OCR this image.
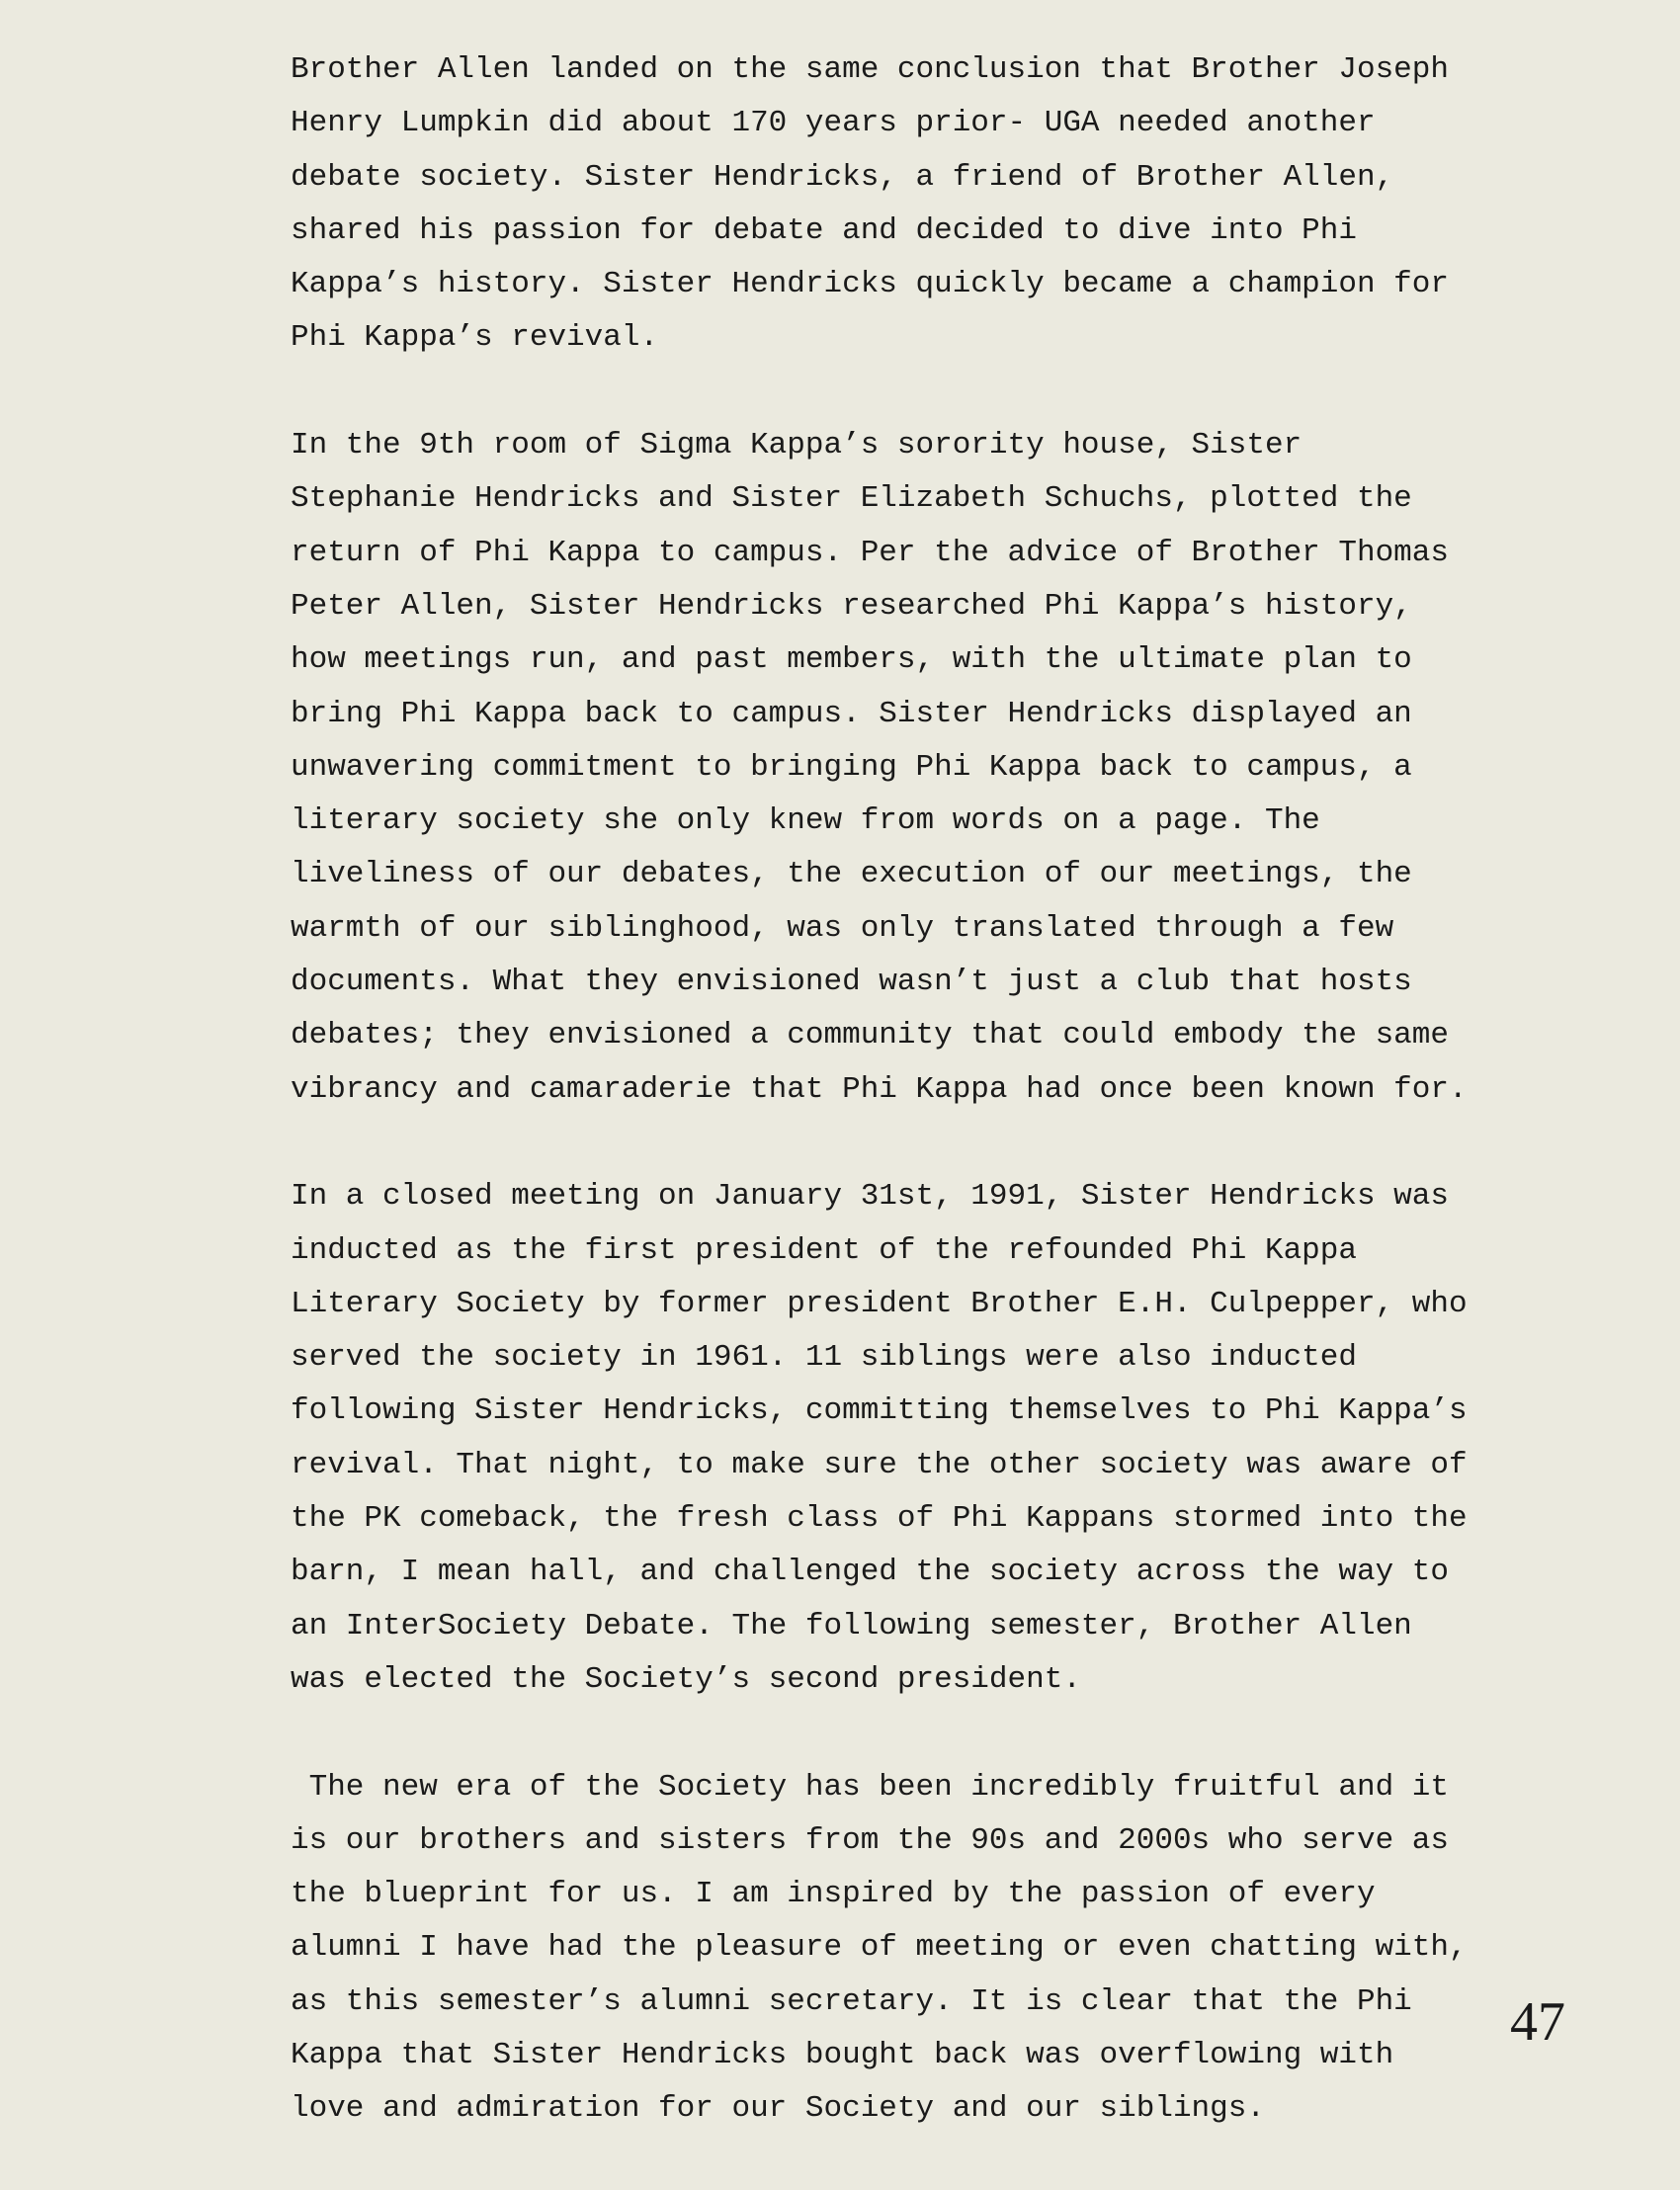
Brother Allen landed on the same conclusion that Brother Joseph
Henry Lumpkin did about 170 years prior- UGA needed another
debate society. Sister Hendricks, a friend of Brother Allen,
shared his passion for debate and decided to dive into Phi
Kappa’s history. Sister Hendricks quickly became a champion for
Phi Kappa’s revival.

In the 9th room of Sigma Kappa’s sorority house, Sister
Stephanie Hendricks and Sister Elizabeth Schuchs, plotted the
return of Phi Kappa to campus. Per the advice of Brother Thomas
Peter Allen, Sister Hendricks researched Phi Kappa’s history,
how meetings run, and past members, with the ultimate plan to
bring Phi Kappa back to campus. Sister Hendricks displayed an
unwavering commitment to bringing Phi Kappa back to campus, a
literary society she only knew from words on a page. The
liveliness of our debates, the execution of our meetings, the
warmth of our siblinghood, was only translated through a few
documents. What they envisioned wasn’t just a club that hosts
debates; they envisioned a community that could embody the same
vibrancy and camaraderie that Phi Kappa had once been known for.

In a closed meeting on January 31st, 1991, Sister Hendricks was
inducted as the first president of the refounded Phi Kappa
Literary Society by former president Brother E.H. Culpepper, who
served the society in 1961. 11 siblings were also inducted
following Sister Hendricks, committing themselves to Phi Kappa’s
revival. That night, to make sure the other society was aware of
the PK comeback, the fresh class of Phi Kappans stormed into the
barn, I mean hall, and challenged the society across the way to
an InterSociety Debate. The following semester, Brother Allen
was elected the Society’s second president.

The new era of the Society has been incredibly fruitful and it
is our brothers and sisters from the 90s and 2000s who serve as
the blueprint for us. I am inspired by the passion of every
alumni I have had the pleasure of meeting or even chatting with,
as this semester’s alumni secretary. It is clear that the Phi
Kappa that Sister Hendricks bought back was overflowing with
love and admiration for our Society and our siblings.

47
